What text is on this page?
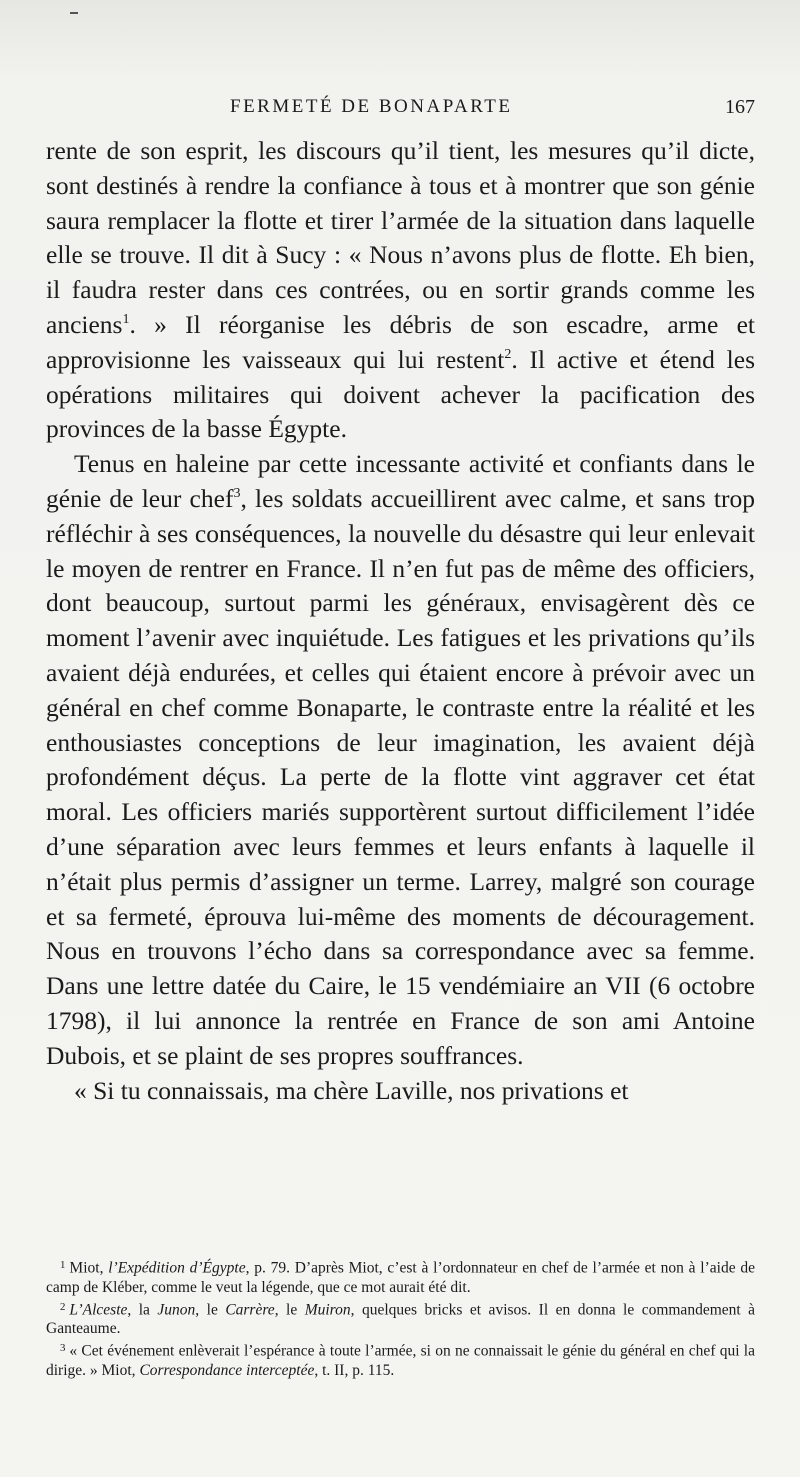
FERMETÉ DE BONAPARTE	167

rente de son esprit, les discours qu’il tient, les mesures qu’il dicte, sont destinés à rendre la confiance à tous et à montrer que son génie saura remplacer la flotte et tirer l’armée de la situation dans laquelle elle se trouve. Il dit à Sucy : « Nous n’avons plus de flotte. Eh bien, il faudra rester dans ces contrées, ou en sortir grands comme les anciens$^1$. » Il réorganise les débris de son escadre, arme et approvisionne les vaisseaux qui lui restent$^2$. Il active et étend les opérations militaires qui doivent achever la pacification des provinces de la basse Égypte.

Tenus en haleine par cette incessante activité et confiants dans le génie de leur chef$^3$, les soldats accueillirent avec calme, et sans trop réfléchir à ses conséquences, la nouvelle du désastre qui leur enlevait le moyen de rentrer en France. Il n’en fut pas de même des officiers, dont beaucoup, surtout parmi les généraux, envisagèrent dès ce moment l’avenir avec inquiétude. Les fatigues et les privations qu’ils avaient déjà endurées, et celles qui étaient encore à prévoir avec un général en chef comme Bonaparte, le contraste entre la réalité et les enthousiastes conceptions de leur imagination, les avaient déjà profondément déçus. La perte de la flotte vint aggraver cet état moral. Les officiers mariés supportèrent surtout difficilement l’idée d’une séparation avec leurs femmes et leurs enfants à laquelle il n’était plus permis d’assigner un terme. Larrey, malgré son courage et sa fermeté, éprouva lui-même des moments de découragement. Nous en trouvons l’écho dans sa correspondance avec sa femme. Dans une lettre datée du Caire, le 15 vendémiaire an VII (6 octobre 1798), il lui annonce la rentrée en France de son ami Antoine Dubois, et se plaint de ses propres souffrances.

« Si tu connaissais, ma chère Laville, nos privations et

$^1$ Miot, l’Expédition d’Égypte, p. 79. D’après Miot, c’est à l’ordonnateur en chef de l’armée et non à l’aide de camp de Kléber, comme le veut la légende, que ce mot aurait été dit.

$^2$ L’Alceste, la Junon, le Carrère, le Muiron, quelques bricks et avisos. Il en donna le commandement à Ganteaume.

$^3$ « Cet événement enlèverait l’espérance à toute l’armée, si on ne connaissait le génie du général en chef qui la dirige. » Miot, Correspondance interceptée, t. II, p. 115.
